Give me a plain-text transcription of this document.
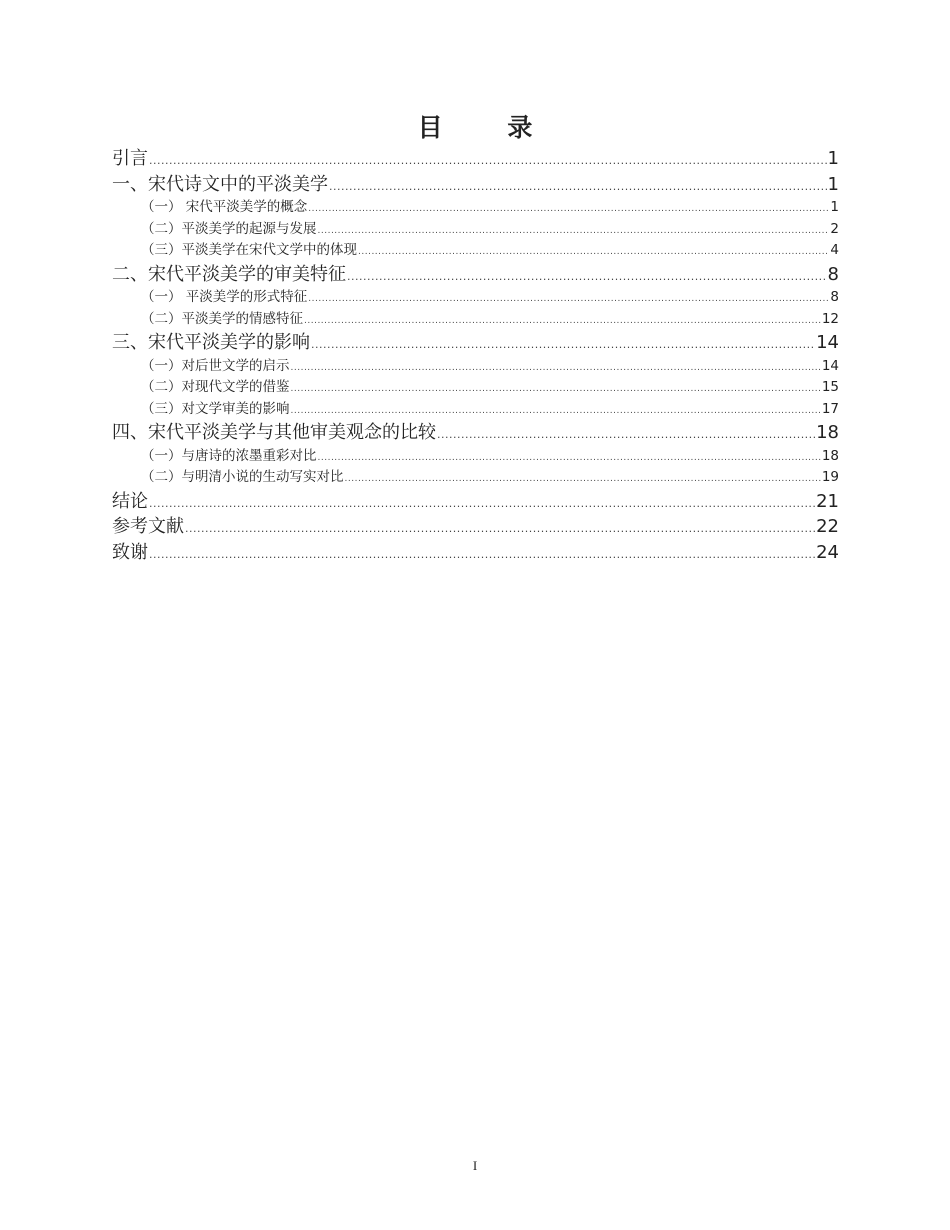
目 录
引言 .....	1
一、宋代诗文中的平淡美学 .....	1
（一） 宋代平淡美学的概念 .....	1
（二）平淡美学的起源与发展 .....	2
（三）平淡美学在宋代文学中的体现 .....	4
二、宋代平淡美学的审美特征 .....	8
（一） 平淡美学的形式特征 .....	8
（二）平淡美学的情感特征 .....	12
三、宋代平淡美学的影响 .....	14
（一）对后世文学的启示 .....	14
（二）对现代文学的借鉴 .....	15
（三）对文学审美的影响 .....	17
四、宋代平淡美学与其他审美观念的比较 .....	18
（一）与唐诗的浓墨重彩对比 .....	18
（二）与明清小说的生动写实对比 .....	19
结论 .....	21
参考文献 .....	22
致谢 .....	24
I
